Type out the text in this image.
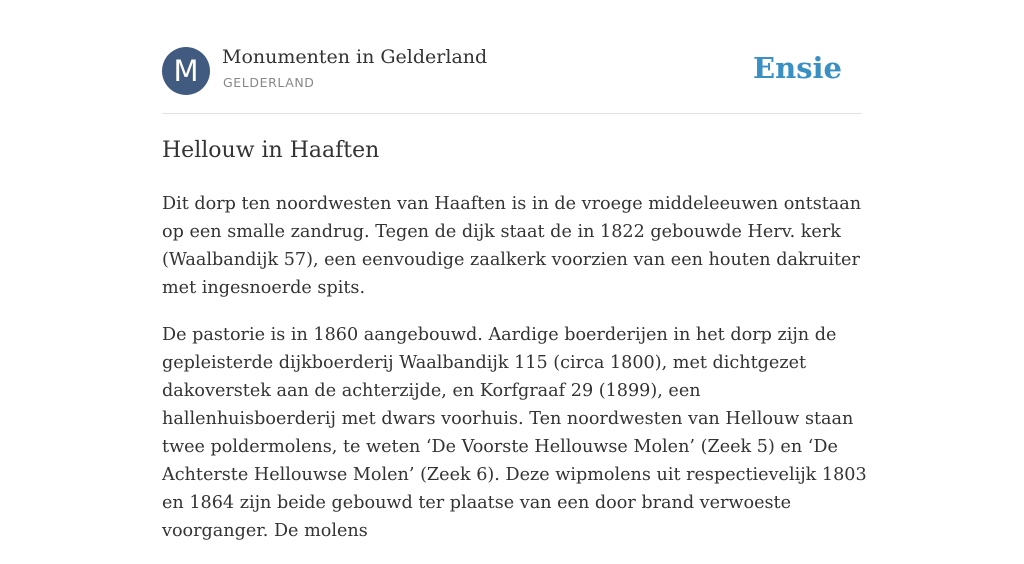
M	Monumenten in Gelderland
GELDERLAND	Ensie
Hellouw in Haaften

Dit dorp ten noordwesten van Haaften is in de vroege middeleeuwen ontstaan op een smalle zandrug. Tegen de dijk staat de in 1822 gebouwde Herv. kerk (Waalbandijk 57), een eenvoudige zaalkerk voorzien van een houten dakruiter met ingesnoerde spits.

De pastorie is in 1860 aangebouwd. Aardige boerderijen in het dorp zijn de gepleisterde dijkboerderij Waalbandijk 115 (circa 1800), met dichtgezet dakoverstek aan de achterzijde, en Korfgraaf 29 (1899), een hallenhuisboerderij met dwars voorhuis. Ten noordwesten van Hellouw staan twee poldermolens, te weten ‘De Voorste Hellouwse Molen’ (Zeek 5) en ‘De Achterste Hellouwse Molen’ (Zeek 6). Deze wipmolens uit respectievelijk 1803 en 1864 zijn beide gebouwd ter plaatse van een door brand verwoeste voorganger. De molens
